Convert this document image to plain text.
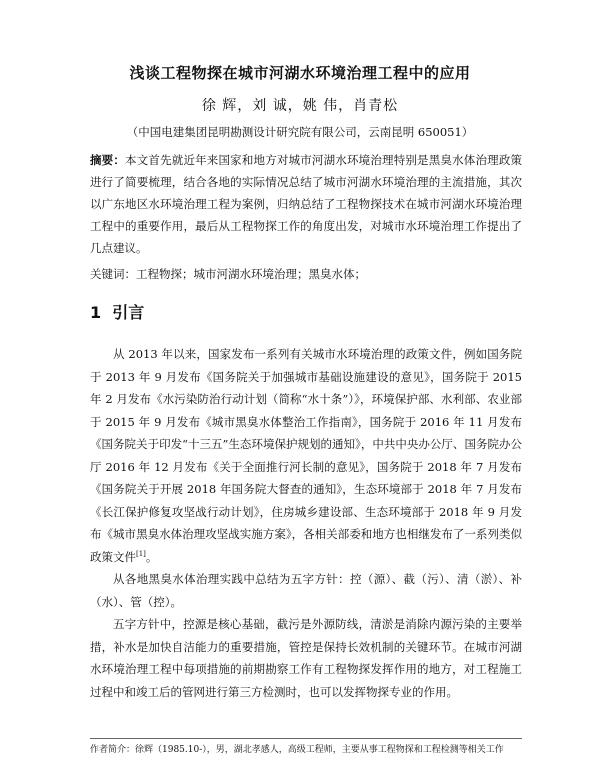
浅谈工程物探在城市河湖水环境治理工程中的应用
徐 辉，刘 诚，姚 伟，肖青松
（中国电建集团昆明勘测设计研究院有限公司，云南昆明 650051）
摘要：本文首先就近年来国家和地方对城市河湖水环境治理特别是黑臭水体治理政策进行了简要梳理，结合各地的实际情况总结了城市河湖水环境治理的主流措施，其次以广东地区水环境治理工程为案例，归纳总结了工程物探技术在城市河湖水环境治理工程中的重要作用，最后从工程物探工作的角度出发，对城市水环境治理工作提出了几点建议。
关键词：工程物探；城市河湖水环境治理；黑臭水体；
1 引言

从 2013 年以来，国家发布一系列有关城市水环境治理的政策文件，例如国务院于 2013 年 9 月发布《国务院关于加强城市基础设施建设的意见》，国务院于 2015 年 2 月发布《水污染防治行动计划（简称“水十条”）》，环境保护部、水利部、农业部于 2015 年 9 月发布《城市黑臭水体整治工作指南》，国务院于 2016 年 11 月发布《国务院关于印发“十三五”生态环境保护规划的通知》，中共中央办公厅、国务院办公厅 2016 年 12 月发布《关于全面推行河长制的意见》，国务院于 2018 年 7 月发布《国务院关于开展 2018 年国务院大督查的通知》，生态环境部于 2018 年 7 月发布《长江保护修复攻坚战行动计划》，住房城乡建设部、生态环境部于 2018 年 9 月发布《城市黑臭水体治理攻坚战实施方案》，各相关部委和地方也相继发布了一系列类似政策文件[1]。

从各地黑臭水体治理实践中总结为五字方针：控（源）、截（污）、清（淤）、补（水）、管（控）。

五字方针中，控源是核心基础，截污是外源防线，清淤是消除内源污染的主要举措，补水是加快自洁能力的重要措施，管控是保持长效机制的关键环节。在城市河湖水环境治理工程中每项措施的前期勘察工作有工程物探发挥作用的地方，对工程施工过程中和竣工后的管网进行第三方检测时，也可以发挥物探专业的作用。

作者简介：徐辉（1985.10-），男，湖北孝感人，高级工程师，主要从事工程物探和工程检测等相关工作
